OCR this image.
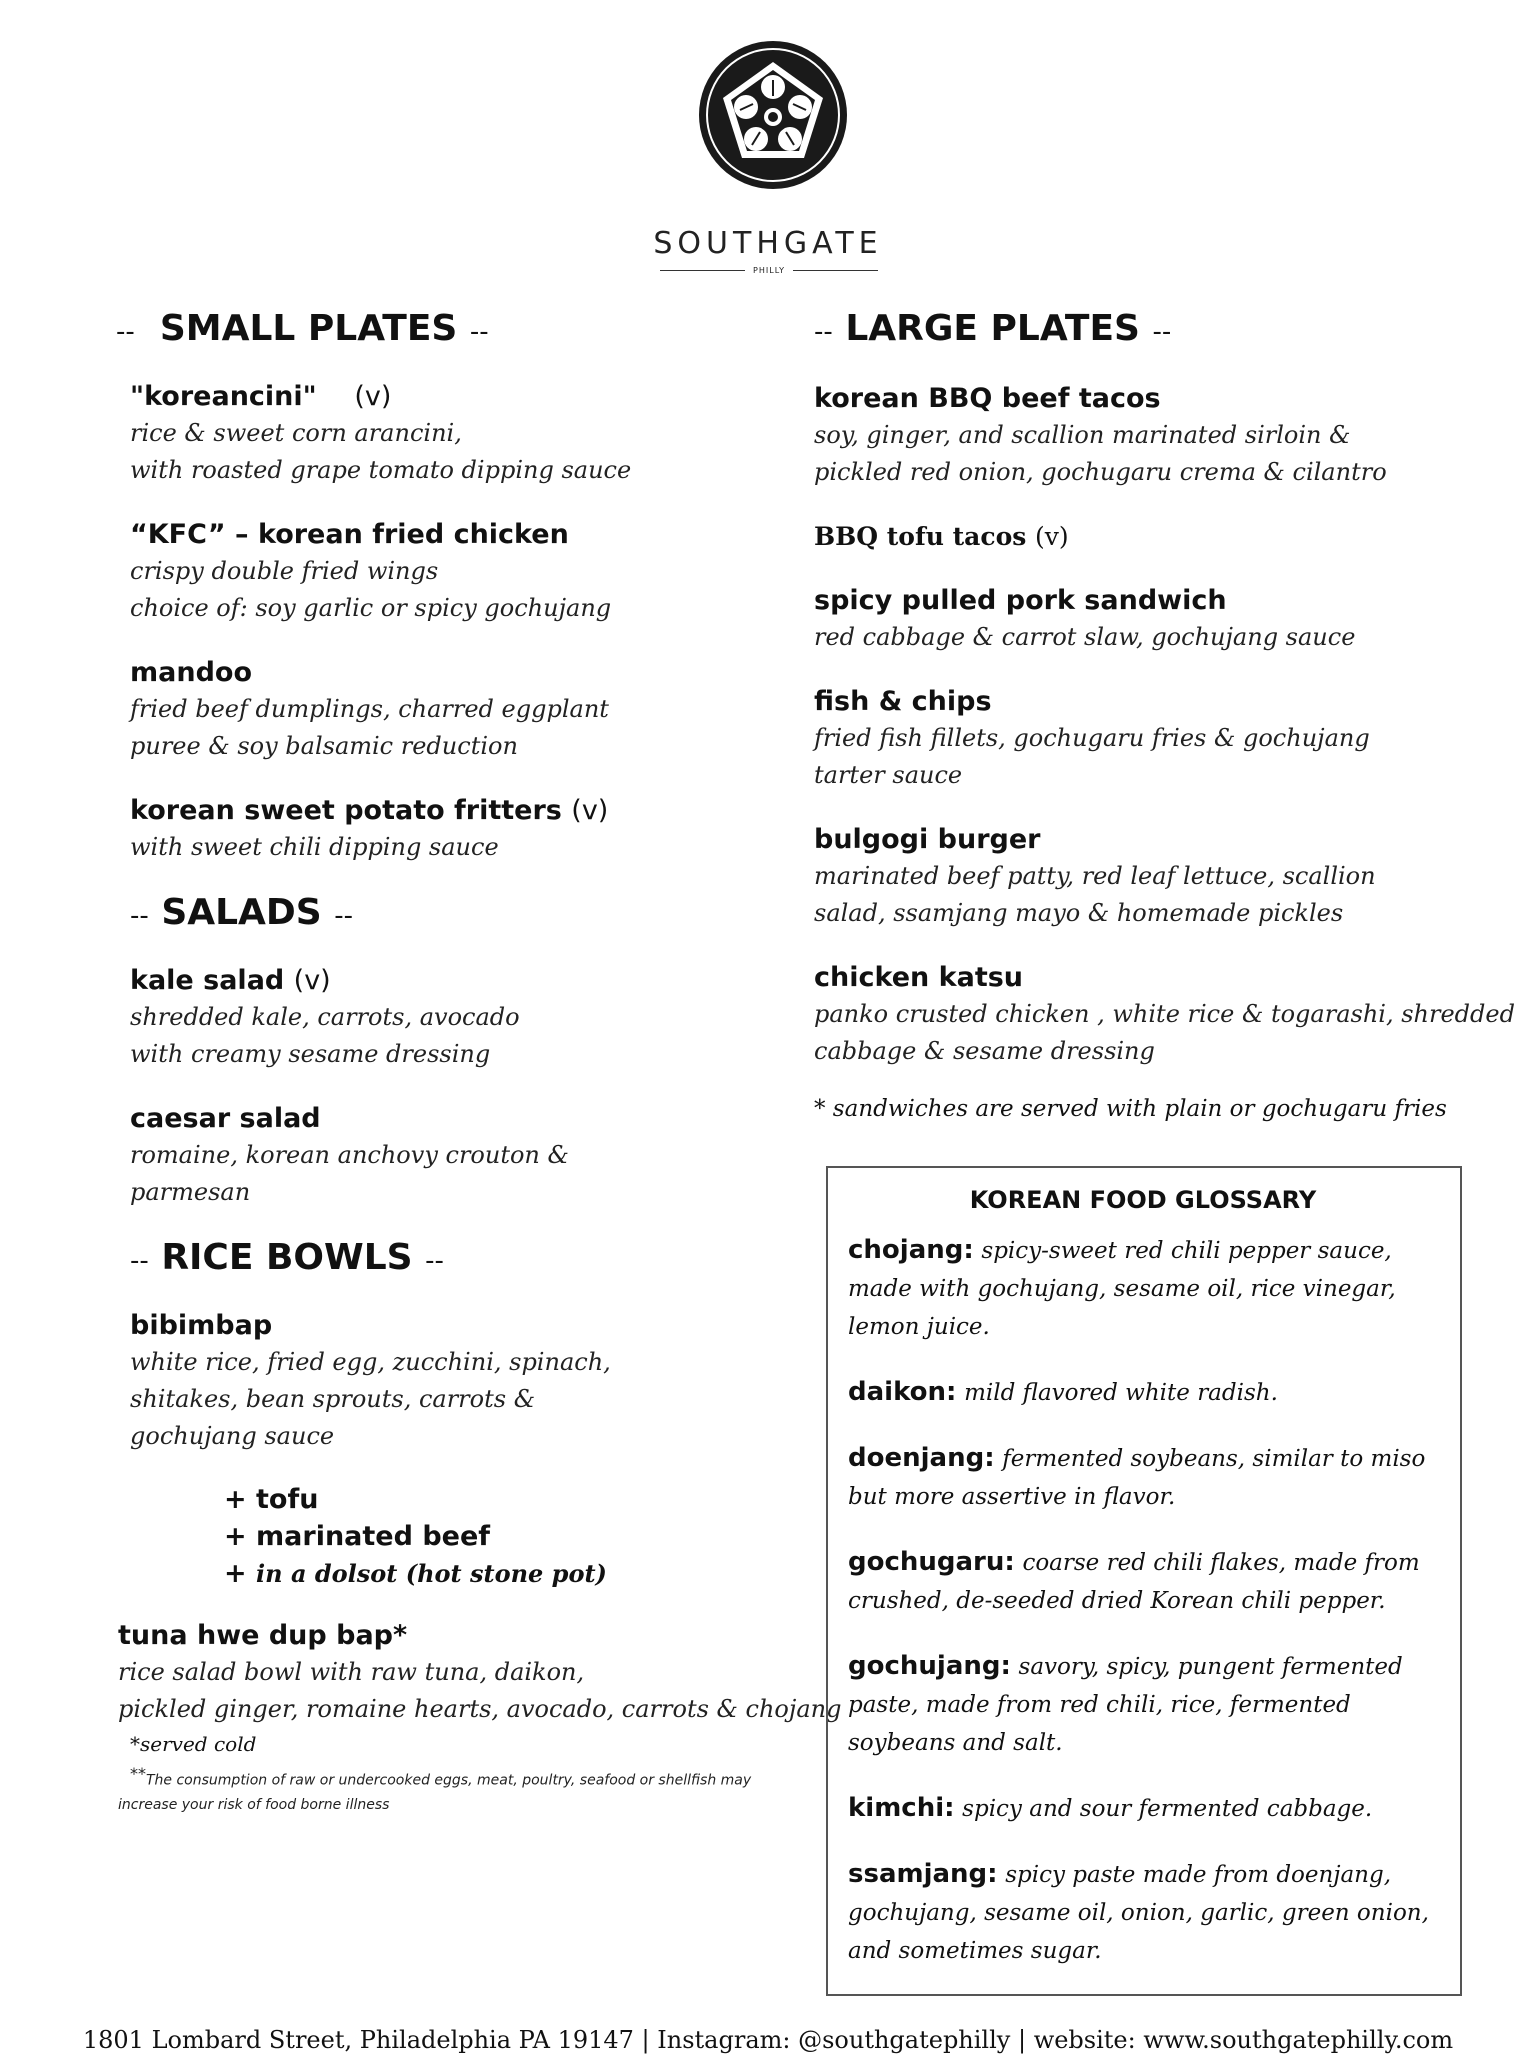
SOUTHGATE
PHILLY
-- SMALL PLATES --
"koreancini" (v)
rice & sweet corn arancini,
with roasted grape tomato dipping sauce
“KFC” – korean fried chicken
crispy double fried wings
choice of: soy garlic or spicy gochujang
mandoo
fried beef dumplings, charred eggplant
puree & soy balsamic reduction
korean sweet potato fritters (v)
with sweet chili dipping sauce
-- SALADS --
kale salad (v)
shredded kale, carrots, avocado
with creamy sesame dressing
caesar salad
romaine, korean anchovy crouton &
parmesan
-- RICE BOWLS --
bibimbap
white rice, fried egg, zucchini, spinach,
shitakes, bean sprouts, carrots &
gochujang sauce
+ tofu
+ marinated beef
+ in a dolsot (hot stone pot)
tuna hwe dup bap*
rice salad bowl with raw tuna, daikon,
pickled ginger, romaine hearts, avocado, carrots & chojang
*served cold
**The consumption of raw or undercooked eggs, meat, poultry, seafood or shellfish may
increase your risk of food borne illness
-- LARGE PLATES --
korean BBQ beef tacos
soy, ginger, and scallion marinated sirloin &
pickled red onion, gochugaru crema & cilantro
BBQ tofu tacos (v)
spicy pulled pork sandwich
red cabbage & carrot slaw, gochujang sauce
fish & chips
fried fish fillets, gochugaru fries & gochujang
tarter sauce
bulgogi burger
marinated beef patty, red leaf lettuce, scallion
salad, ssamjang mayo & homemade pickles
chicken katsu
panko crusted chicken , white rice & togarashi, shredded
cabbage & sesame dressing
* sandwiches are served with plain or gochugaru fries
KOREAN FOOD GLOSSARY
chojang: spicy-sweet red chili pepper sauce, made with gochujang, sesame oil, rice vinegar, lemon juice.
daikon: mild flavored white radish.
doenjang: fermented soybeans, similar to miso but more assertive in flavor.
gochugaru: coarse red chili flakes, made from crushed, de-seeded dried Korean chili pepper.
gochujang: savory, spicy, pungent fermented paste, made from red chili, rice, fermented soybeans and salt.
kimchi: spicy and sour fermented cabbage.
ssamjang: spicy paste made from doenjang, gochujang, sesame oil, onion, garlic, green onion, and sometimes sugar.
1801 Lombard Street, Philadelphia PA 19147 | Instagram: @southgatephilly | website: www.southgatephilly.com
